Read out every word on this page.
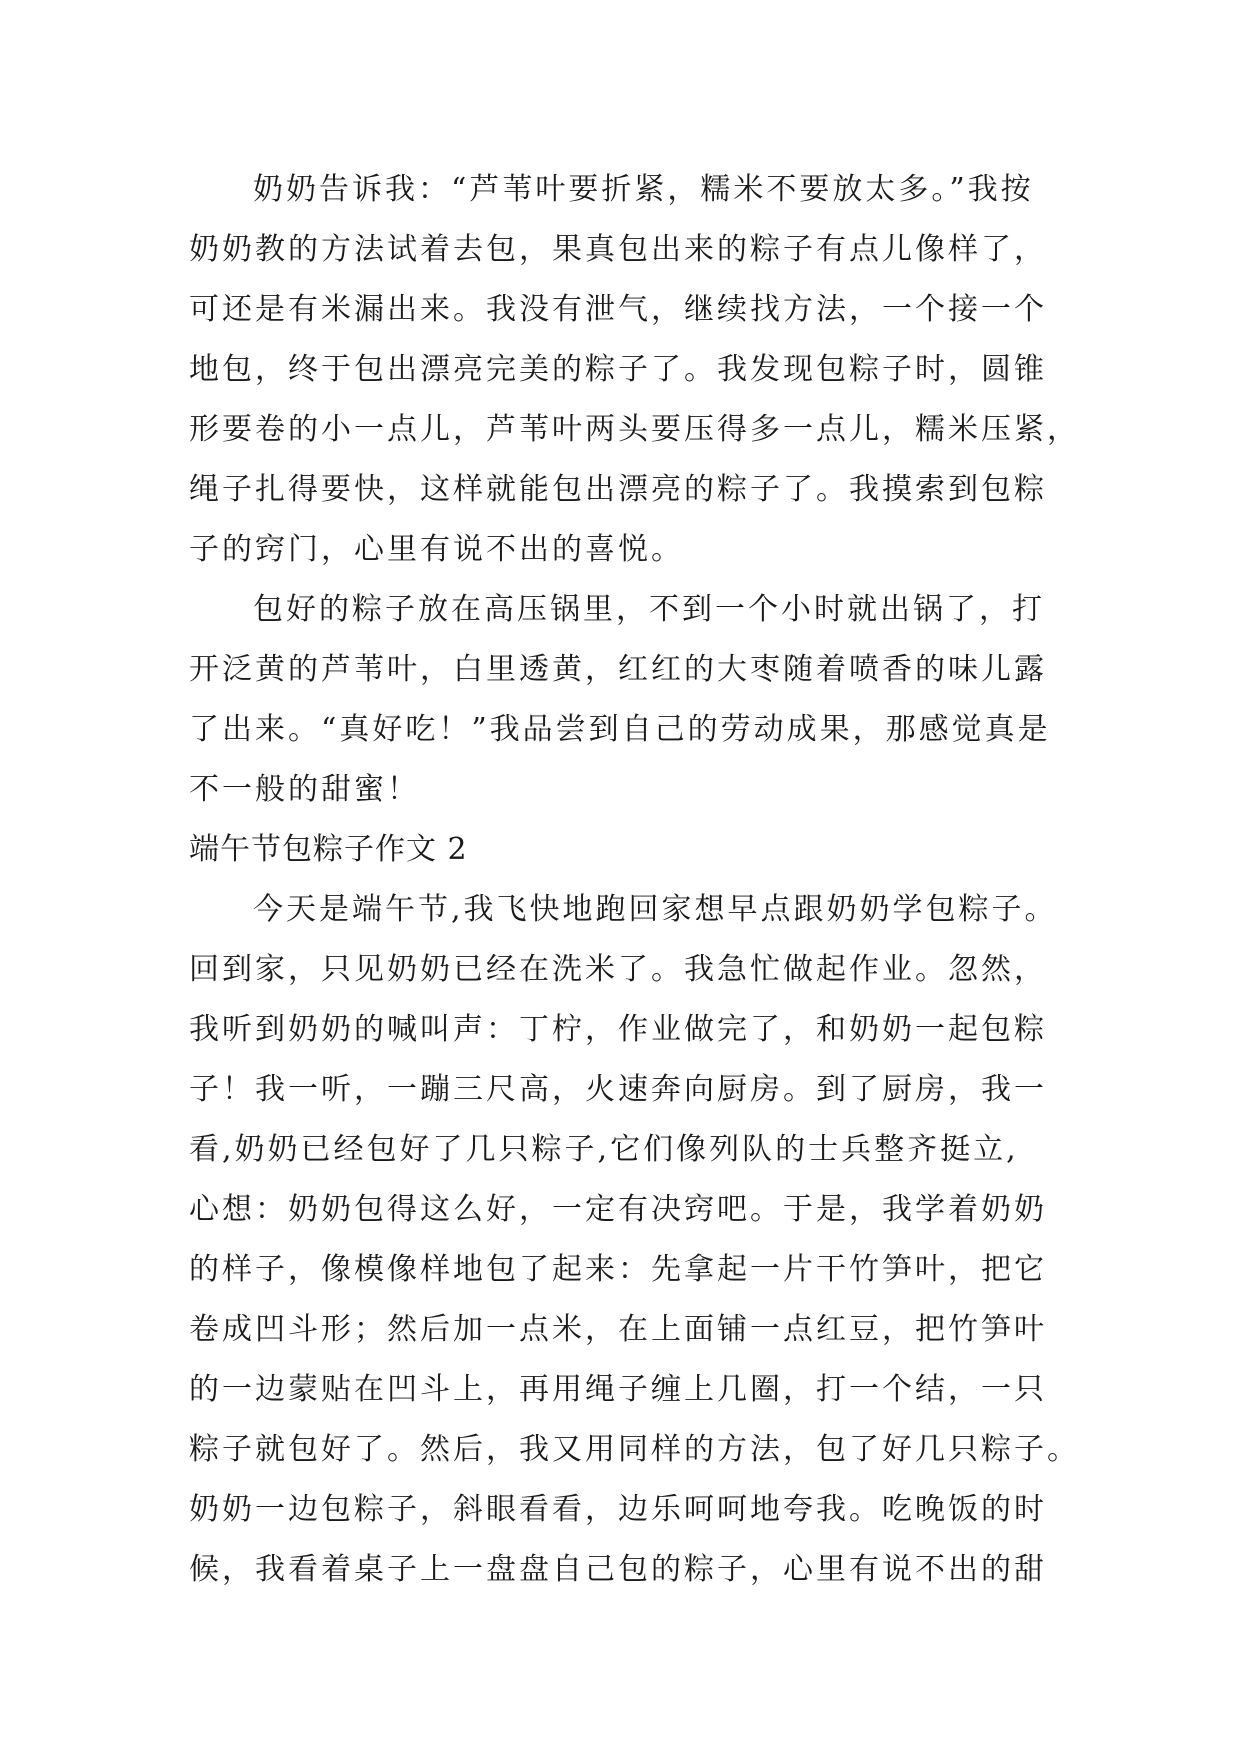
奶奶告诉我：“芦苇叶要折紧，糯米不要放太多。”我按
奶奶教的方法试着去包，果真包出来的粽子有点儿像样了，
可还是有米漏出来。我没有泄气，继续找方法，一个接一个
地包，终于包出漂亮完美的粽子了。我发现包粽子时，圆锥
形要卷的小一点儿，芦苇叶两头要压得多一点儿，糯米压紧，
绳子扎得要快，这样就能包出漂亮的粽子了。我摸索到包粽
子的窍门，心里有说不出的喜悦。
包好的粽子放在高压锅里，不到一个小时就出锅了，打
开泛黄的芦苇叶，白里透黄，红红的大枣随着喷香的味儿露
了出来。“真好吃！”我品尝到自己的劳动成果，那感觉真是
不一般的甜蜜！
端午节包粽子作文 2
今天是端午节,我飞快地跑回家想早点跟奶奶学包粽子。
回到家，只见奶奶已经在洗米了。我急忙做起作业。忽然，
我听到奶奶的喊叫声：丁柠，作业做完了，和奶奶一起包粽
子！我一听，一蹦三尺高，火速奔向厨房。到了厨房，我一
看,奶奶已经包好了几只粽子,它们像列队的士兵整齐挺立,
心想：奶奶包得这么好，一定有决窍吧。于是，我学着奶奶
的样子，像模像样地包了起来：先拿起一片干竹笋叶，把它
卷成凹斗形；然后加一点米，在上面铺一点红豆，把竹笋叶
的一边蒙贴在凹斗上，再用绳子缠上几圈，打一个结，一只
粽子就包好了。然后，我又用同样的方法，包了好几只粽子。
奶奶一边包粽子，斜眼看看，边乐呵呵地夸我。吃晚饭的时
候，我看着桌子上一盘盘自己包的粽子，心里有说不出的甜
